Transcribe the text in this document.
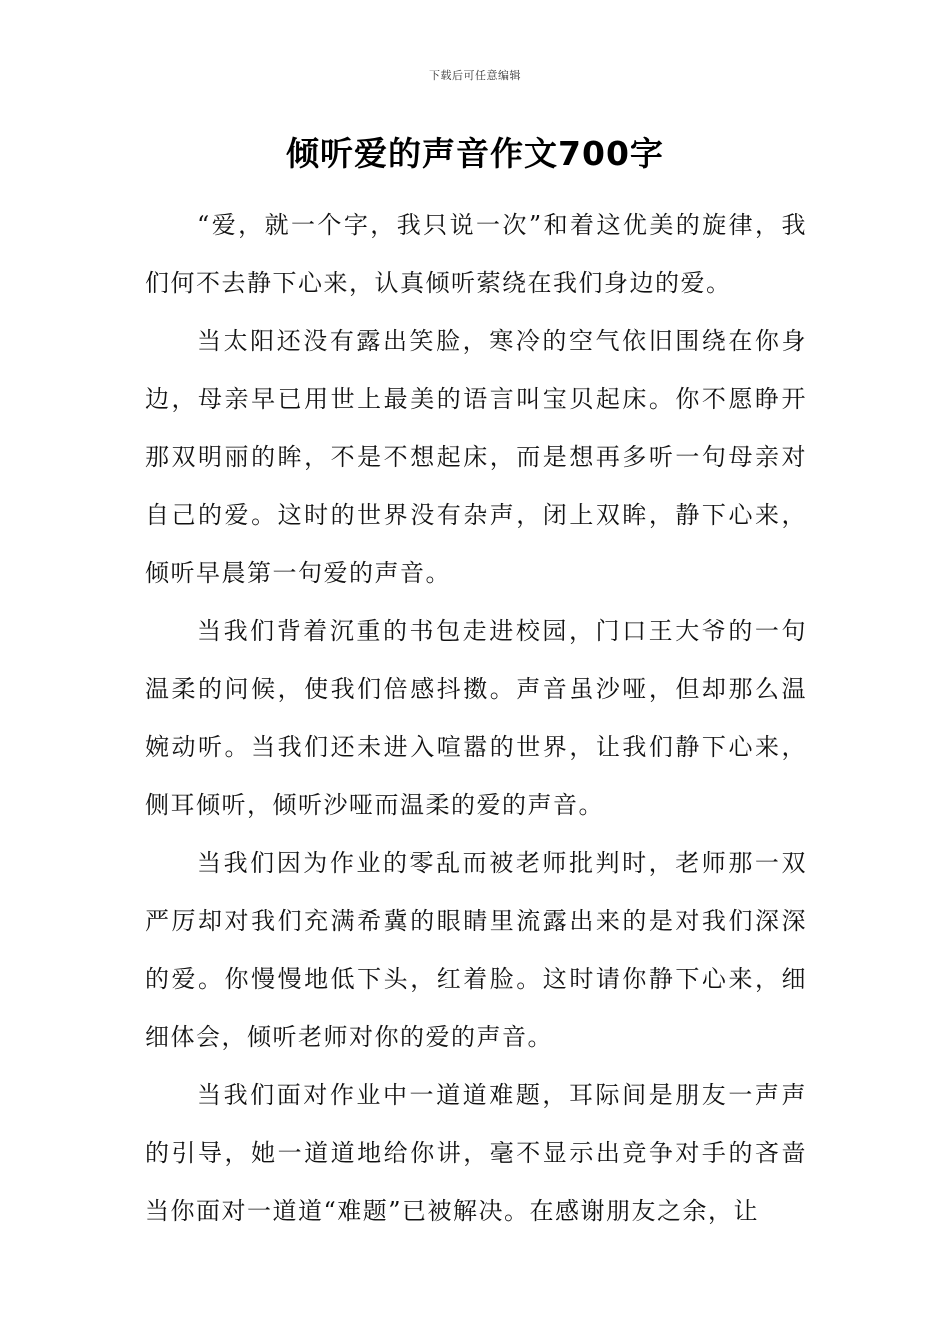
下载后可任意编辑
倾听爱的声音作文700字

“爱，就一个字，我只说一次”和着这优美的旋律，我们何不去静下心来，认真倾听萦绕在我们身边的爱。

当太阳还没有露出笑脸，寒冷的空气依旧围绕在你身边，母亲早已用世上最美的语言叫宝贝起床。你不愿睁开那双明丽的眸，不是不想起床，而是想再多听一句母亲对自己的爱。这时的世界没有杂声，闭上双眸，静下心来，倾听早晨第一句爱的声音。

当我们背着沉重的书包走进校园，门口王大爷的一句温柔的问候，使我们倍感抖擞。声音虽沙哑，但却那么温婉动听。当我们还未进入喧嚣的世界，让我们静下心来，侧耳倾听，倾听沙哑而温柔的爱的声音。

当我们因为作业的零乱而被老师批判时，老师那一双严厉却对我们充满希冀的眼睛里流露出来的是对我们深深的爱。你慢慢地低下头，红着脸。这时请你静下心来，细细体会，倾听老师对你的爱的声音。

当我们面对作业中一道道难题，耳际间是朋友一声声的引导，她一道道地给你讲，毫不显示出竞争对手的吝啬当你面对一道道“难题”已被解决。在感谢朋友之余，让
